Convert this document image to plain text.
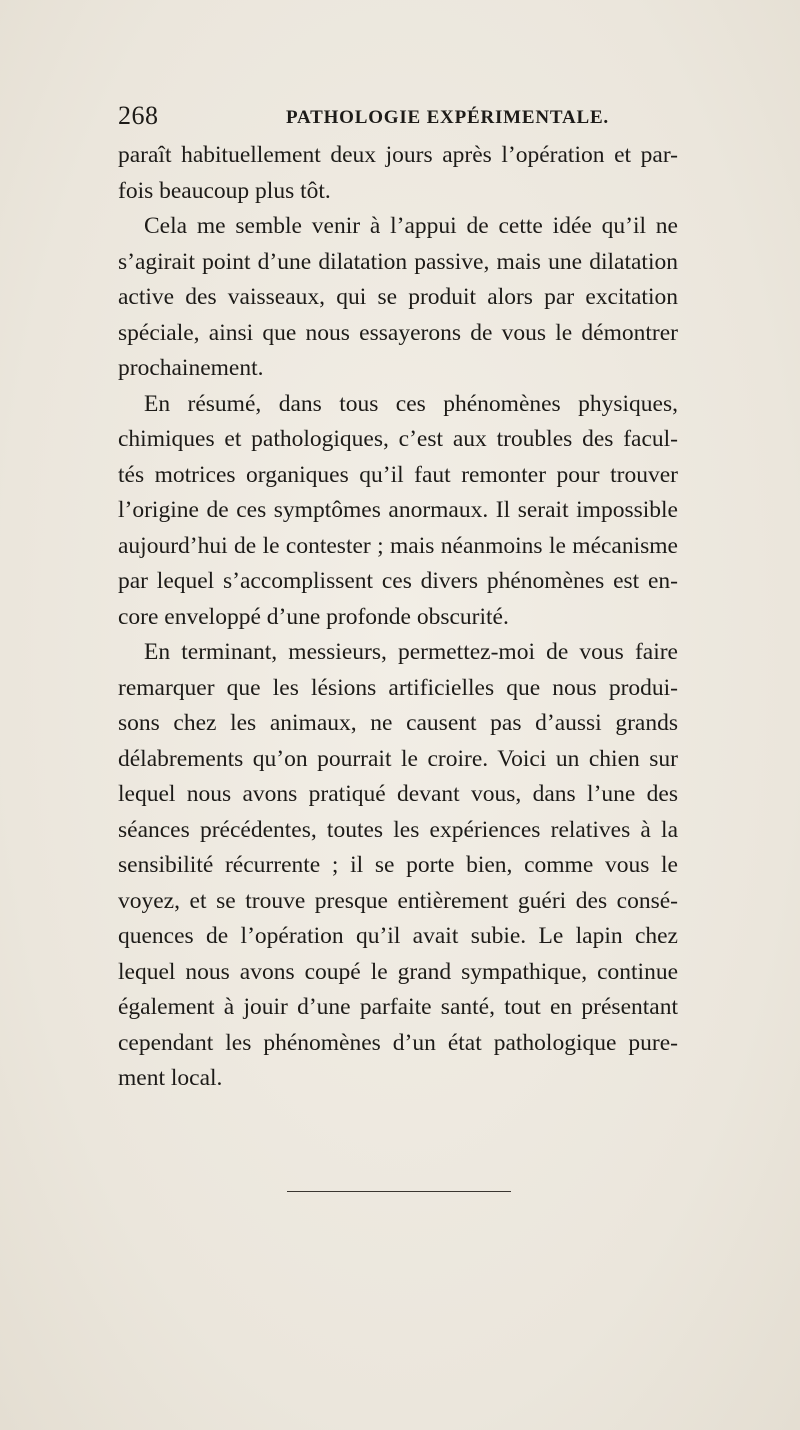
268	PATHOLOGIE EXPÉRIMENTALE.
paraît habituellement deux jours après l’opération et par-
fois beaucoup plus tôt.
Cela me semble venir à l’appui de cette idée qu’il ne
s’agirait point d’une dilatation passive, mais une dilatation
active des vaisseaux, qui se produit alors par excitation
spéciale, ainsi que nous essayerons de vous le démontrer
prochainement.
En résumé, dans tous ces phénomènes physiques,
chimiques et pathologiques, c’est aux troubles des facul-
tés motrices organiques qu’il faut remonter pour trouver
l’origine de ces symptômes anormaux. Il serait impossible
aujourd’hui de le contester ; mais néanmoins le mécanisme
par lequel s’accomplissent ces divers phénomènes est en-
core enveloppé d’une profonde obscurité.
En terminant, messieurs, permettez-moi de vous faire
remarquer que les lésions artificielles que nous produi-
sons chez les animaux, ne causent pas d’aussi grands
délabrements qu’on pourrait le croire. Voici un chien sur
lequel nous avons pratiqué devant vous, dans l’une des
séances précédentes, toutes les expériences relatives à la
sensibilité récurrente ; il se porte bien, comme vous le
voyez, et se trouve presque entièrement guéri des consé-
quences de l’opération qu’il avait subie. Le lapin chez
lequel nous avons coupé le grand sympathique, continue
également à jouir d’une parfaite santé, tout en présentant
cependant les phénomènes d’un état pathologique pure-
ment local.
